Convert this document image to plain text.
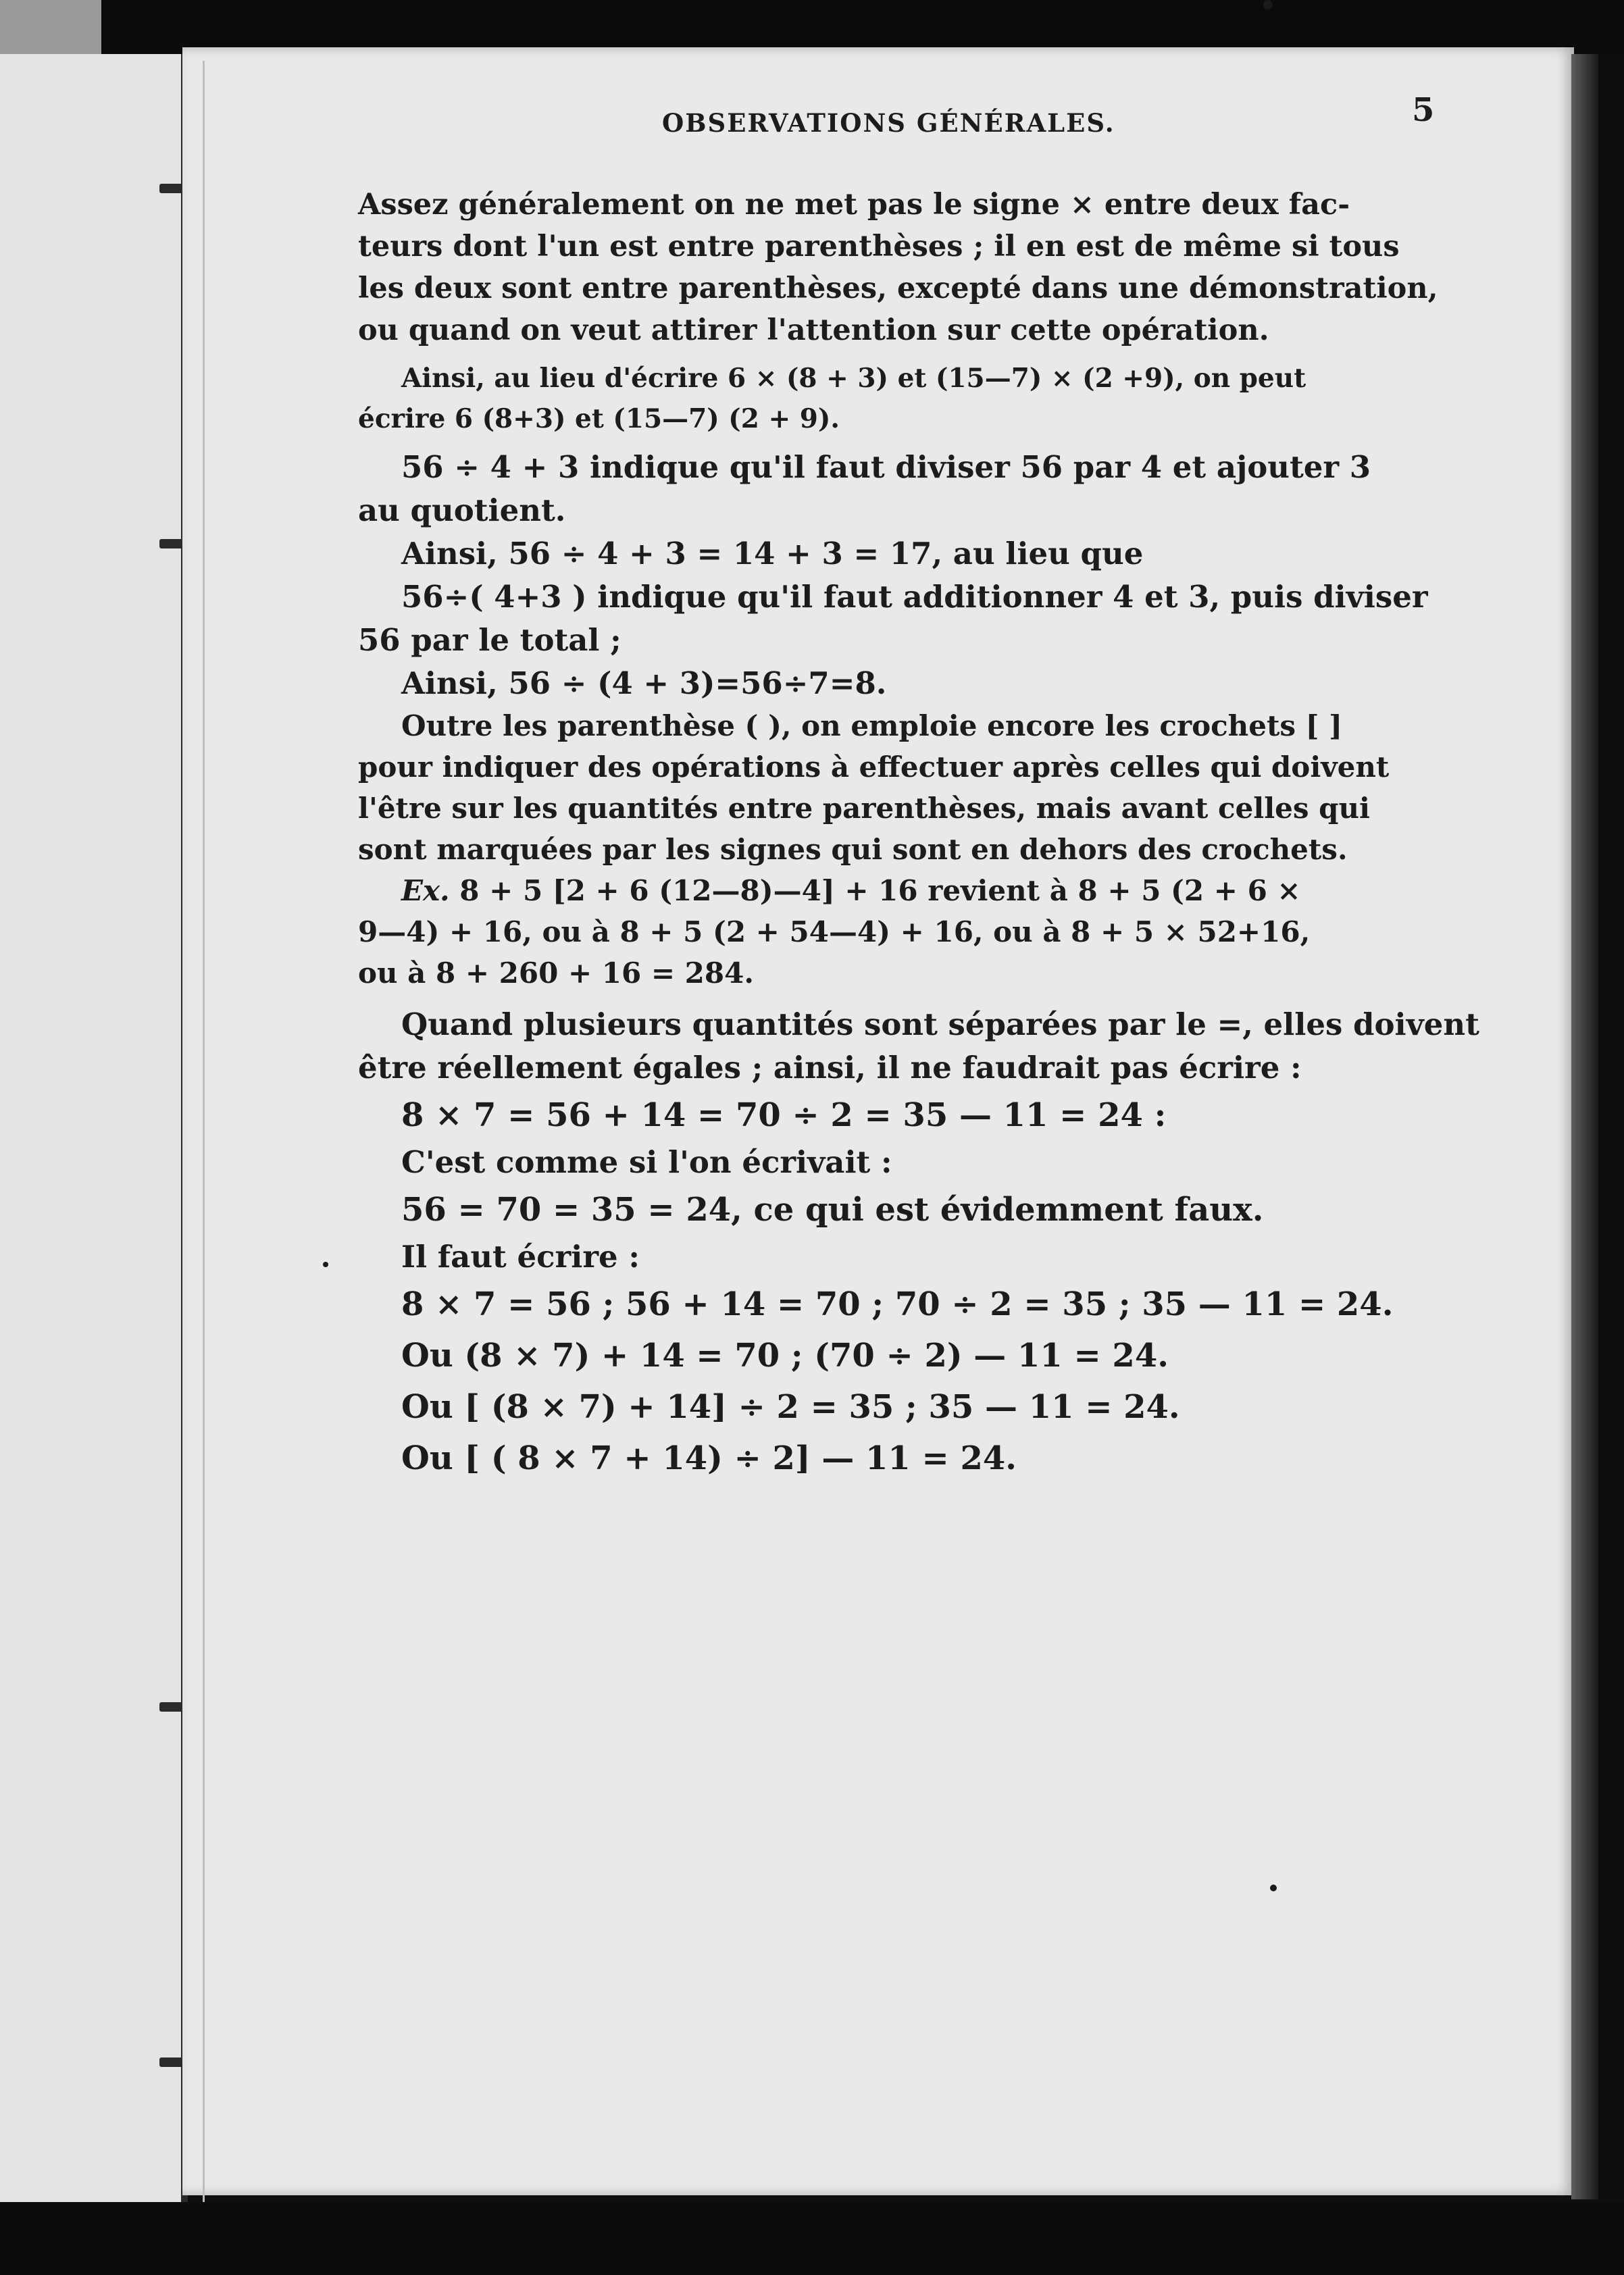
OBSERVATIONS GÉNÉRALES.	5
Assez généralement on ne met pas le signe × entre deux fac-
teurs dont l'un est entre parenthèses ; il en est de même si tous
les deux sont entre parenthèses, excepté dans une démonstration,
ou quand on veut attirer l'attention sur cette opération.
Ainsi, au lieu d'écrire 6 × (8 + 3) et (15—7) × (2 +9), on peut
écrire 6 (8+3) et (15—7) (2 + 9).
56 ÷ 4 + 3 indique qu'il faut diviser 56 par 4 et ajouter 3
au quotient.
Ainsi, 56 ÷ 4 + 3 = 14 + 3 = 17, au lieu que
56÷( 4+3 ) indique qu'il faut additionner 4 et 3, puis diviser
56 par le total ;
Ainsi, 56 ÷ (4 + 3)=56÷7=8.
Outre les parenthèse ( ), on emploie encore les crochets [ ]
pour indiquer des opérations à effectuer après celles qui doivent
l'être sur les quantités entre parenthèses, mais avant celles qui
sont marquées par les signes qui sont en dehors des crochets.
Ex. 8 + 5 [2 + 6 (12—8)—4] + 16 revient à 8 + 5 (2 + 6 ×
9—4) + 16, ou à 8 + 5 (2 + 54—4) + 16, ou à 8 + 5 × 52+16,
ou à 8 + 260 + 16 = 284.
Quand plusieurs quantités sont séparées par le =, elles doivent
être réellement égales ; ainsi, il ne faudrait pas écrire :
8 × 7 = 56 + 14 = 70 ÷ 2 = 35 — 11 = 24 :
C'est comme si l'on écrivait :
56 = 70 = 35 = 24, ce qui est évidemment faux.
Il faut écrire :
8 × 7 = 56 ; 56 + 14 = 70 ; 70 ÷ 2 = 35 ; 35 — 11 = 24.
Ou (8 × 7) + 14 = 70 ; (70 ÷ 2) — 11 = 24.
Ou [ (8 × 7) + 14] ÷ 2 = 35 ; 35 — 11 = 24.
Ou [ ( 8 × 7 + 14) ÷ 2] — 11 = 24.
